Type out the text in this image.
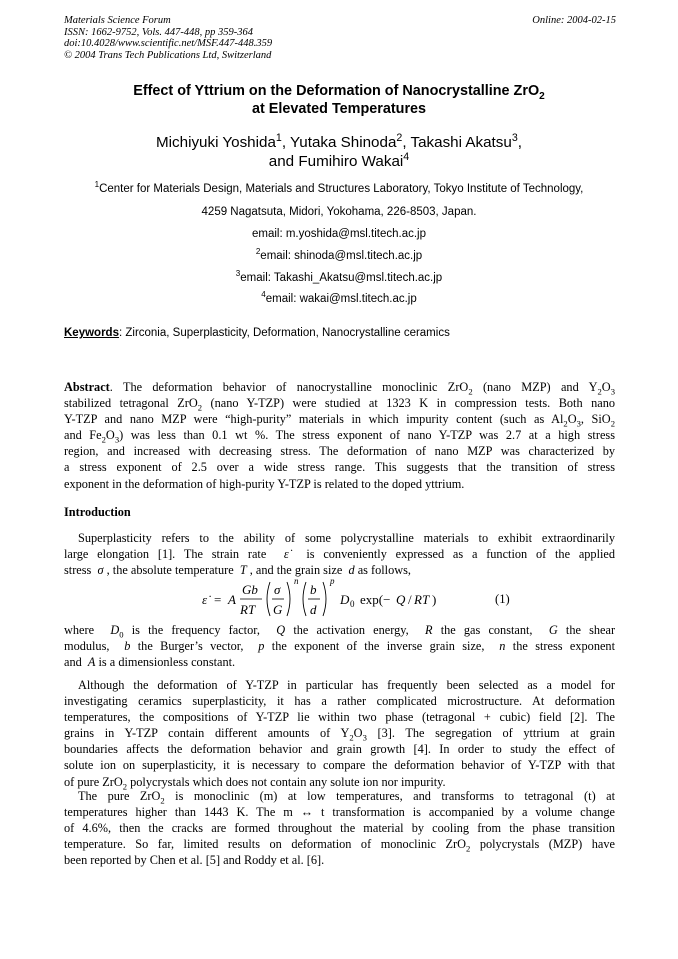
Materials Science Forum
ISSN: 1662-9752, Vols. 447-448, pp 359-364
doi:10.4028/www.scientific.net/MSF.447-448.359
© 2004 Trans Tech Publications Ltd, Switzerland
Online: 2004-02-15
Effect of Yttrium on the Deformation of Nanocrystalline ZrO$_2$
at Elevated Temperatures
Michiyuki Yoshida$^1$, Yutaka Shinoda$^2$, Takashi Akatsu$^3$,
and Fumihiro Wakai$^4$
$^1$Center for Materials Design, Materials and Structures Laboratory, Tokyo Institute of Technology,
4259 Nagatsuta, Midori, Yokohama, 226-8503, Japan.
email: m.yoshida@msl.titech.ac.jp
$^2$email: shinoda@msl.titech.ac.jp
$^3$email: Takashi_Akatsu@msl.titech.ac.jp
$^4$email: wakai@msl.titech.ac.jp
Keywords: Zirconia, Superplasticity, Deformation, Nanocrystalline ceramics
Abstract. The deformation behavior of nanocrystalline monoclinic ZrO$_2$ (nano MZP) and $Y_2O_3$
stabilized tetragonal ZrO$_2$ (nano Y-TZP) were studied at 1323 K in compression tests. Both nano
Y-TZP and nano MZP were “high-purity” materials in which impurity content (such as $Al_2O_3$, SiO$_2$
and $Fe_2O_3$) was less than 0.1 wt %. The stress exponent of nano Y-TZP was 2.7 at a high stress
region, and increased with decreasing stress. The deformation of nano MZP was characterized by
a stress exponent of 2.5 over a wide stress range. This suggests that the transition of stress
exponent in the deformation of high-purity Y-TZP is related to the doped yttrium.
Introduction
Superplasticity refers to the ability of some polycrystalline materials to exhibit extraordinarily
large elongation [1]. The strain rate ε̇ is conveniently expressed as a function of the applied
stress σ , the absolute temperature T , and the grain size d as follows,
ε̇ = A
Gb
RT
σ
G
n
b
d
p
D 0 exp(− Q / RT )	(1)
where $D_0$ is the frequency factor, Q the activation energy, R the gas constant, G the shear
modulus, b the Burger’s vector, p the exponent of the inverse grain size, n the stress exponent
and A is a dimensionless constant.
Although the deformation of Y-TZP in particular has frequently been selected as a model for
investigating ceramics superplasticity, it has a rather complicated microstructure. At deformation
temperatures, the compositions of Y-TZP lie within two phase (tetragonal + cubic) field [2]. The
grains in Y-TZP contain different amounts of $Y_2O_3$ [3]. The segregation of yttrium at grain
boundaries affects the deformation behavior and grain growth [4]. In order to study the effect of
solute ion on superplasticity, it is necessary to compare the deformation behavior of Y-TZP with that
of pure ZrO$_2$ polycrystals which does not contain any solute ion nor impurity.
The pure ZrO$_2$ is monoclinic (m) at low temperatures, and transforms to tetragonal (t) at
temperatures higher than 1443 K. The m ↔ t transformation is accompanied by a volume change
of 4.6%, then the cracks are formed throughout the material by cooling from the phase transition
temperature. So far, limited results on deformation of monoclinic ZrO$_2$ polycrystals (MZP) have
been reported by Chen et al. [5] and Roddy et al. [6].
